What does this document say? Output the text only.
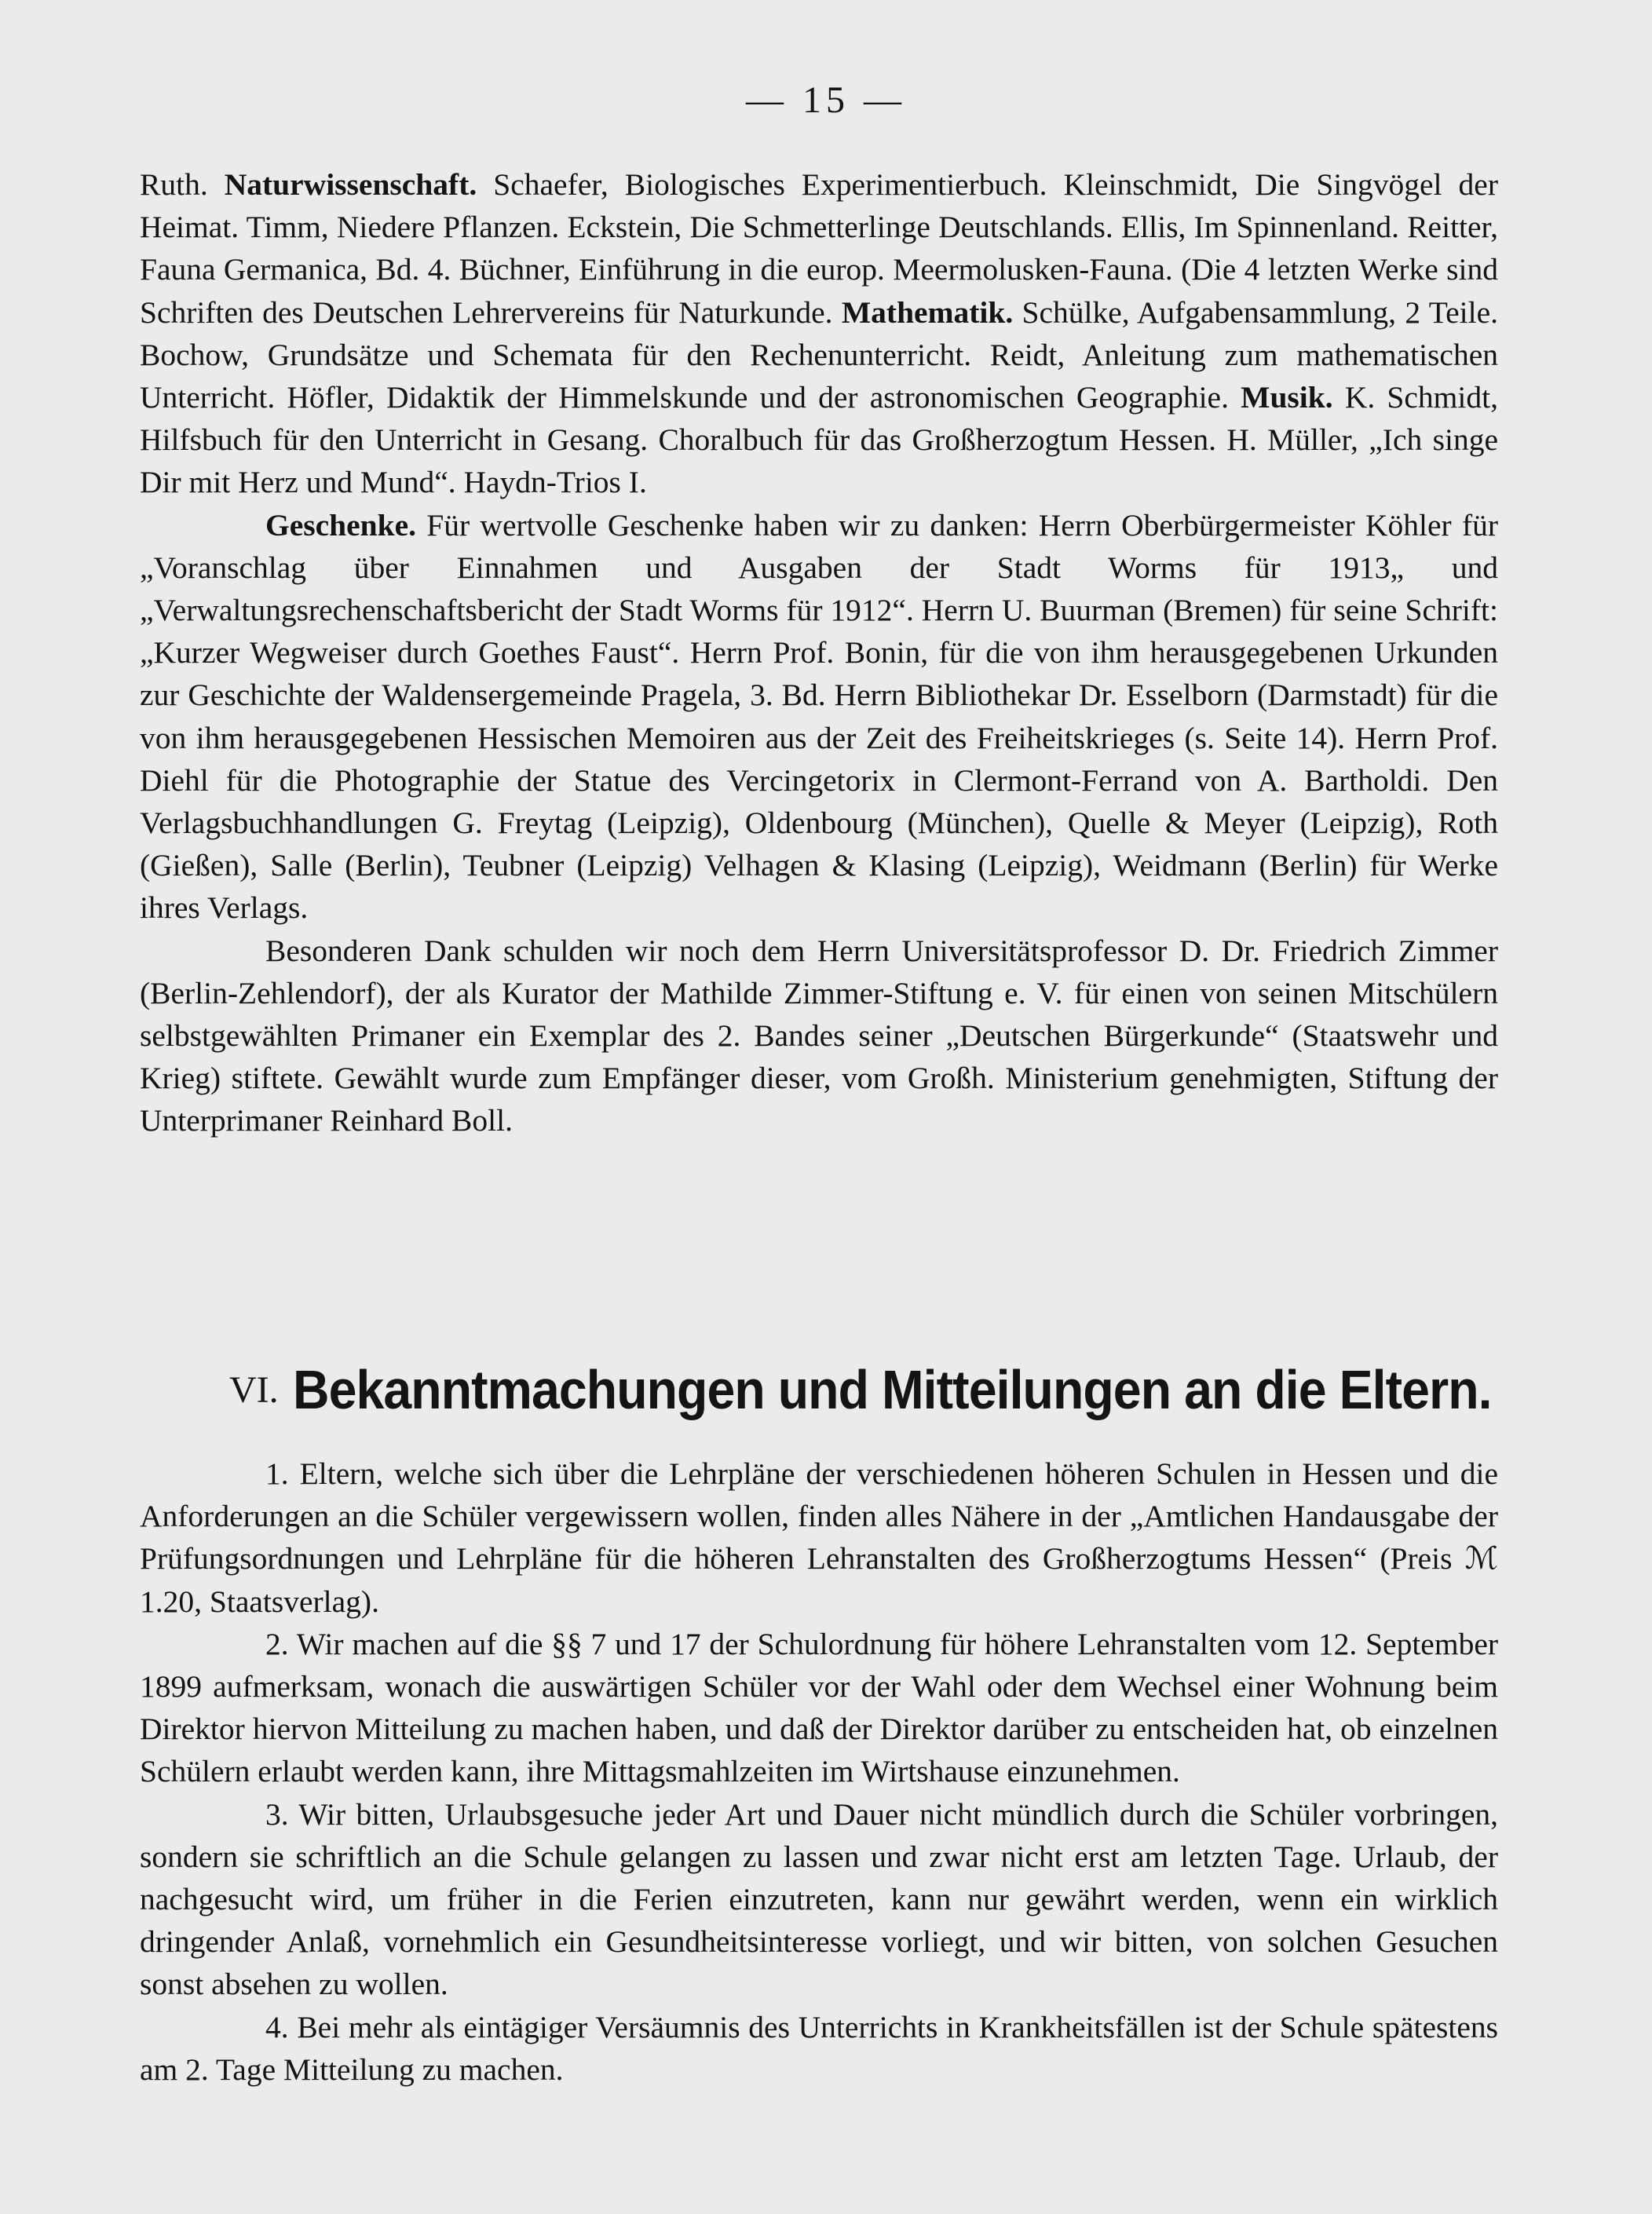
— 15 —

Ruth. Naturwissenschaft. Schaefer, Biologisches Experimentierbuch. Kleinschmidt, Die Singvögel der Heimat. Timm, Niedere Pflanzen. Eckstein, Die Schmetterlinge Deutschlands. Ellis, Im Spinnenland. Reitter, Fauna Germanica, Bd. 4. Büchner, Einführung in die europ. Meermolusken-Fauna. (Die 4 letzten Werke sind Schriften des Deutschen Lehrervereins für Naturkunde. Mathematik. Schülke, Aufgabensammlung, 2 Teile. Bochow, Grundsätze und Schemata für den Rechenunterricht. Reidt, Anleitung zum mathematischen Unterricht. Höfler, Didaktik der Himmelskunde und der astronomischen Geographie. Musik. K. Schmidt, Hilfsbuch für den Unterricht in Gesang. Choralbuch für das Großherzogtum Hessen. H. Müller, „Ich singe Dir mit Herz und Mund“. Haydn-Trios I.

Geschenke. Für wertvolle Geschenke haben wir zu danken: Herrn Oberbürgermeister Köhler für „Voranschlag über Einnahmen und Ausgaben der Stadt Worms für 1913„ und „Verwaltungsrechenschaftsbericht der Stadt Worms für 1912“. Herrn U. Buurman (Bremen) für seine Schrift: „Kurzer Wegweiser durch Goethes Faust“. Herrn Prof. Bonin, für die von ihm herausgegebenen Urkunden zur Geschichte der Waldensergemeinde Pragela, 3. Bd. Herrn Bibliothekar Dr. Esselborn (Darmstadt) für die von ihm herausgegebenen Hessischen Memoiren aus der Zeit des Freiheitskrieges (s. Seite 14). Herrn Prof. Diehl für die Photographie der Statue des Vercingetorix in Clermont-Ferrand von A. Bartholdi. Den Verlagsbuchhandlungen G. Freytag (Leipzig), Oldenbourg (München), Quelle & Meyer (Leipzig), Roth (Gießen), Salle (Berlin), Teubner (Leipzig) Velhagen & Klasing (Leipzig), Weidmann (Berlin) für Werke ihres Verlags.

Besonderen Dank schulden wir noch dem Herrn Universitätsprofessor D. Dr. Friedrich Zimmer (Berlin-Zehlendorf), der als Kurator der Mathilde Zimmer-Stiftung e. V. für einen von seinen Mitschülern selbstgewählten Primaner ein Exemplar des 2. Bandes seiner „Deutschen Bürgerkunde“ (Staatswehr und Krieg) stiftete. Gewählt wurde zum Empfänger dieser, vom Großh. Ministerium genehmigten, Stiftung der Unterprimaner Reinhard Boll.

VI. Bekanntmachungen und Mitteilungen an die Eltern.

1. Eltern, welche sich über die Lehrpläne der verschiedenen höheren Schulen in Hessen und die Anforderungen an die Schüler vergewissern wollen, finden alles Nähere in der „Amtlichen Handausgabe der Prüfungsordnungen und Lehrpläne für die höheren Lehranstalten des Großherzogtums Hessen“ (Preis ℳ 1.20, Staatsverlag).

2. Wir machen auf die §§ 7 und 17 der Schulordnung für höhere Lehranstalten vom 12. September 1899 aufmerksam, wonach die auswärtigen Schüler vor der Wahl oder dem Wechsel einer Wohnung beim Direktor hiervon Mitteilung zu machen haben, und daß der Direktor darüber zu entscheiden hat, ob einzelnen Schülern erlaubt werden kann, ihre Mittagsmahlzeiten im Wirtshause einzunehmen.

3. Wir bitten, Urlaubsgesuche jeder Art und Dauer nicht mündlich durch die Schüler vorbringen, sondern sie schriftlich an die Schule gelangen zu lassen und zwar nicht erst am letzten Tage. Urlaub, der nachgesucht wird, um früher in die Ferien einzutreten, kann nur gewährt werden, wenn ein wirklich dringender Anlaß, vornehmlich ein Gesundheitsinteresse vorliegt, und wir bitten, von solchen Gesuchen sonst absehen zu wollen.

4. Bei mehr als eintägiger Versäumnis des Unterrichts in Krankheitsfällen ist der Schule spätestens am 2. Tage Mitteilung zu machen.
